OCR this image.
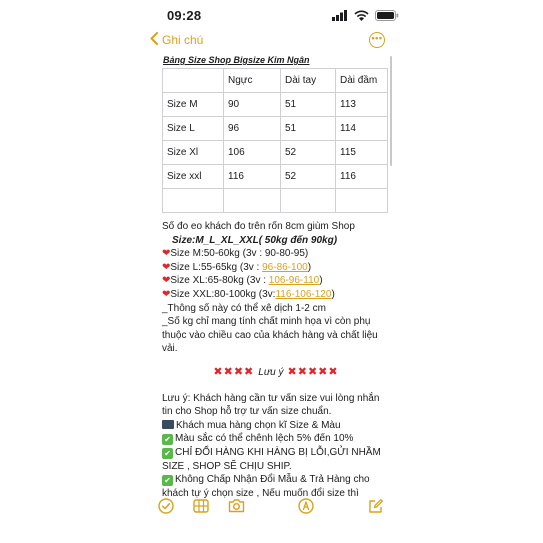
09:28
Ghi chú	•••
Bảng Size Shop Bigsize Kim Ngân
	Ngực	Dài tay	Dài đầm
Size M	90	51	113
Size L	96	51	114
Size Xl	106	52	115
Size xxl	116	52	116

Số đo eo khách đo trên rốn 8cm giùm Shop
Size:M_L_XL_XXL( 50kg đến 90kg)
❤Size M:50-60kg (3v : 90-80-95)
❤Size L:55-65kg (3v : 96-86-100)
❤Size XL:65-80kg (3v : 106-96-110)
❤Size XXL:80-100kg (3v:116-106-120)
_Thông số này có thể xê dịch 1-2 cm
_Số kg chỉ mang tính chất minh họa vì còn phụ thuộc vào chiều cao của khách hàng và chất liệu vải.
✖✖✖✖ Lưu ý ✖✖✖✖✖
Lưu ý: Khách hàng cần tư vấn size vui lòng nhắn tin cho Shop hỗ trợ tư vấn size chuẩn.
Khách mua hàng chọn kĩ Size & Màu
✔ Màu sắc có thể chênh lệch 5% đến 10%
✔ CHỈ ĐỔI HÀNG KHI HÀNG BỊ LỖI,GỬI NHẦM SIZE , SHOP SẼ CHỊU SHIP.
✔ Không Chấp Nhận Đổi Mẫu & Trả Hàng cho khách tự ý chọn size , Nếu muốn đổi size thì
